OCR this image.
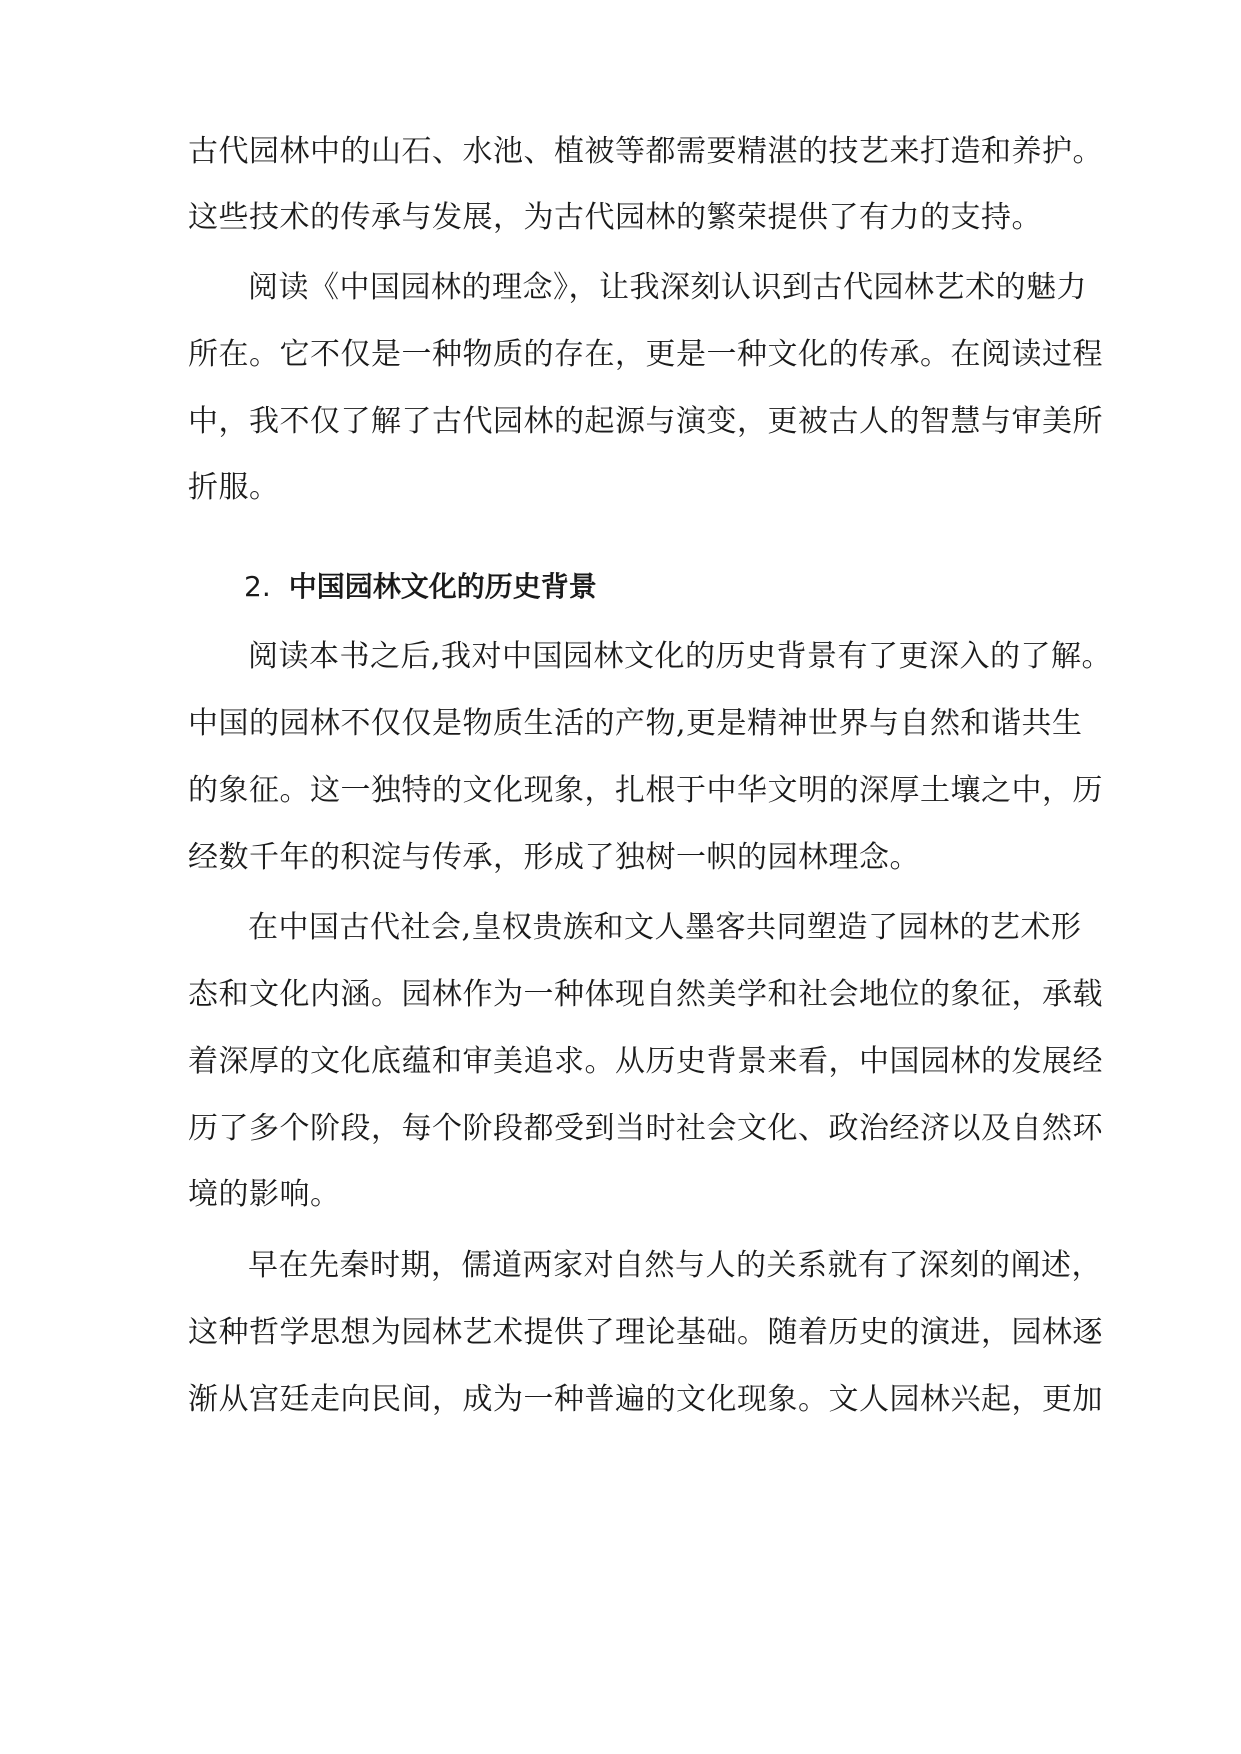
古代园林中的山石、水池、植被等都需要精湛的技艺来打造和养护。
这些技术的传承与发展，为古代园林的繁荣提供了有力的支持。
阅读《中国园林的理念》，让我深刻认识到古代园林艺术的魅力
所在。它不仅是一种物质的存在，更是一种文化的传承。在阅读过程
中，我不仅了解了古代园林的起源与演变，更被古人的智慧与审美所
折服。
2. 中国园林文化的历史背景
阅读本书之后,我对中国园林文化的历史背景有了更深入的了解。
中国的园林不仅仅是物质生活的产物,更是精神世界与自然和谐共生
的象征。这一独特的文化现象，扎根于中华文明的深厚土壤之中，历
经数千年的积淀与传承，形成了独树一帜的园林理念。
在中国古代社会,皇权贵族和文人墨客共同塑造了园林的艺术形
态和文化内涵。园林作为一种体现自然美学和社会地位的象征，承载
着深厚的文化底蕴和审美追求。从历史背景来看，中国园林的发展经
历了多个阶段，每个阶段都受到当时社会文化、政治经济以及自然环
境的影响。
早在先秦时期，儒道两家对自然与人的关系就有了深刻的阐述，
这种哲学思想为园林艺术提供了理论基础。随着历史的演进，园林逐
渐从宫廷走向民间，成为一种普遍的文化现象。文人园林兴起，更加
